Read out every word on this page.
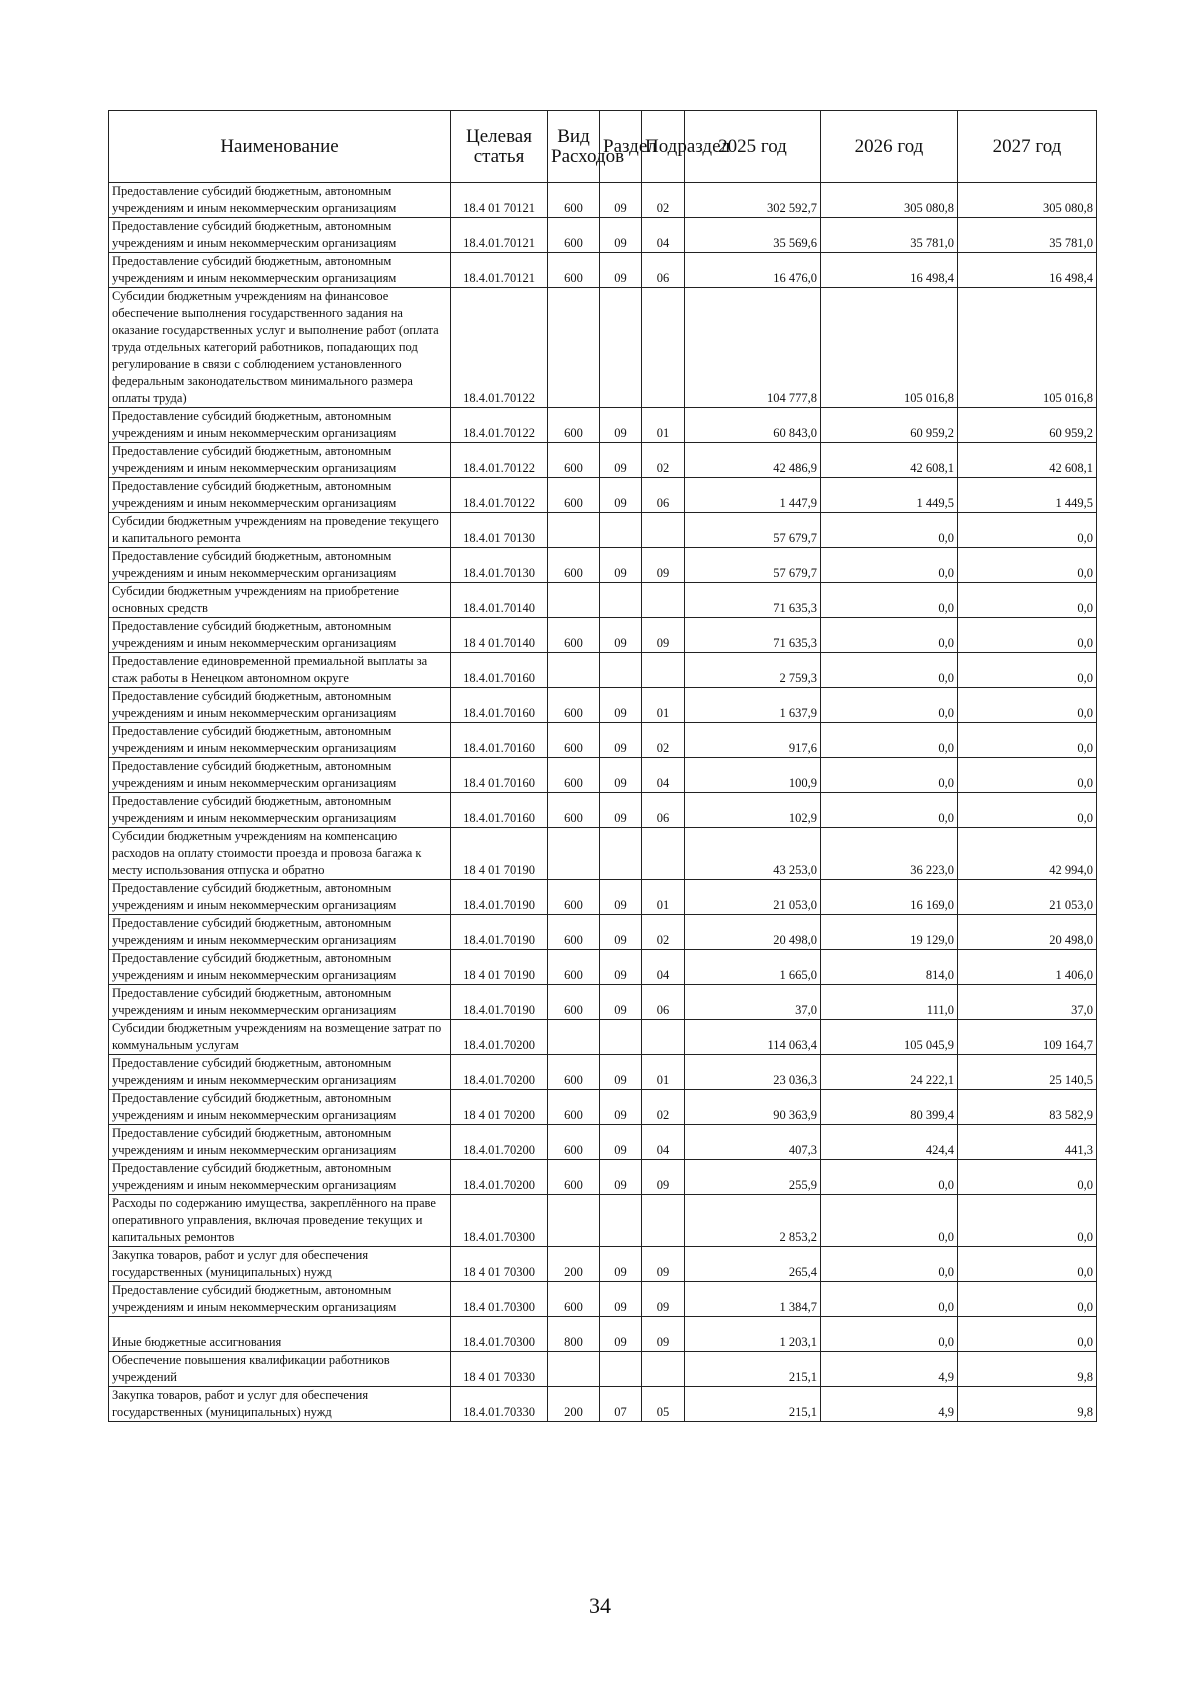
Наименование	Целевая статья	Вид Расходов	Раздел	Подраздел	2025 год	2026 год	2027 год
Предоставление субсидий бюджетным, автономным учреждениям и иным некоммерческим организациям	18.4 01 70121	600	09	02	302 592,7	305 080,8	305 080,8
Предоставление субсидий бюджетным, автономным учреждениям и иным некоммерческим организациям	18.4.01.70121	600	09	04	35 569,6	35 781,0	35 781,0
Предоставление субсидий бюджетным, автономным учреждениям и иным некоммерческим организациям	18.4.01.70121	600	09	06	16 476,0	16 498,4	16 498,4
Субсидии бюджетным учреждениям на финансовое обеспечение выполнения государственного задания на оказание государственных услуг и выполнение работ (оплата труда отдельных категорий работников, попадающих под регулирование в связи с соблюдением установленного федеральным законодательством минимального размера оплаты труда)	18.4.01.70122				104 777,8	105 016,8	105 016,8
Предоставление субсидий бюджетным, автономным учреждениям и иным некоммерческим организациям	18.4.01.70122	600	09	01	60 843,0	60 959,2	60 959,2
Предоставление субсидий бюджетным, автономным учреждениям и иным некоммерческим организациям	18.4.01.70122	600	09	02	42 486,9	42 608,1	42 608,1
Предоставление субсидий бюджетным, автономным учреждениям и иным некоммерческим организациям	18.4.01.70122	600	09	06	1 447,9	1 449,5	1 449,5
Субсидии бюджетным учреждениям на проведение текущего и капитального ремонта	18.4.01 70130				57 679,7	0,0	0,0
Предоставление субсидий бюджетным, автономным учреждениям и иным некоммерческим организациям	18.4.01.70130	600	09	09	57 679,7	0,0	0,0
Субсидии бюджетным учреждениям на приобретение основных средств	18.4.01.70140				71 635,3	0,0	0,0
Предоставление субсидий бюджетным, автономным учреждениям и иным некоммерческим организациям	18 4 01.70140	600	09	09	71 635,3	0,0	0,0
Предоставление единовременной премиальной выплаты за стаж работы в Ненецком автономном округе	18.4.01.70160				2 759,3	0,0	0,0
Предоставление субсидий бюджетным, автономным учреждениям и иным некоммерческим организациям	18.4.01.70160	600	09	01	1 637,9	0,0	0,0
Предоставление субсидий бюджетным, автономным учреждениям и иным некоммерческим организациям	18.4.01.70160	600	09	02	917,6	0,0	0,0
Предоставление субсидий бюджетным, автономным учреждениям и иным некоммерческим организациям	18.4 01.70160	600	09	04	100,9	0,0	0,0
Предоставление субсидий бюджетным, автономным учреждениям и иным некоммерческим организациям	18.4.01.70160	600	09	06	102,9	0,0	0,0
Субсидии бюджетным учреждениям на компенсацию расходов на оплату стоимости проезда и провоза багажа к месту использования отпуска и обратно	18 4 01 70190				43 253,0	36 223,0	42 994,0
Предоставление субсидий бюджетным, автономным учреждениям и иным некоммерческим организациям	18.4.01.70190	600	09	01	21 053,0	16 169,0	21 053,0
Предоставление субсидий бюджетным, автономным учреждениям и иным некоммерческим организациям	18.4.01.70190	600	09	02	20 498,0	19 129,0	20 498,0
Предоставление субсидий бюджетным, автономным учреждениям и иным некоммерческим организациям	18 4 01 70190	600	09	04	1 665,0	814,0	1 406,0
Предоставление субсидий бюджетным, автономным учреждениям и иным некоммерческим организациям	18.4.01.70190	600	09	06	37,0	111,0	37,0
Субсидии бюджетным учреждениям на возмещение затрат по коммунальным услугам	18.4.01.70200				114 063,4	105 045,9	109 164,7
Предоставление субсидий бюджетным, автономным учреждениям и иным некоммерческим организациям	18.4.01.70200	600	09	01	23 036,3	24 222,1	25 140,5
Предоставление субсидий бюджетным, автономным учреждениям и иным некоммерческим организациям	18 4 01 70200	600	09	02	90 363,9	80 399,4	83 582,9
Предоставление субсидий бюджетным, автономным учреждениям и иным некоммерческим организациям	18.4.01.70200	600	09	04	407,3	424,4	441,3
Предоставление субсидий бюджетным, автономным учреждениям и иным некоммерческим организациям	18.4.01.70200	600	09	09	255,9	0,0	0,0
Расходы по содержанию имущества, закреплённого на праве оперативного управления, включая проведение текущих и капитальных ремонтов	18.4.01.70300				2 853,2	0,0	0,0
Закупка товаров, работ и услуг для обеспечения государственных (муниципальных) нужд	18 4 01 70300	200	09	09	265,4	0,0	0,0
Предоставление субсидий бюджетным, автономным учреждениям и иным некоммерческим организациям	18.4 01.70300	600	09	09	1 384,7	0,0	0,0
Иные бюджетные ассигнования	18.4.01.70300	800	09	09	1 203,1	0,0	0,0
Обеспечение повышения квалификации работников учреждений	18 4 01 70330				215,1	4,9	9,8
Закупка товаров, работ и услуг для обеспечения государственных (муниципальных) нужд	18.4.01.70330	200	07	05	215,1	4,9	9,8
34
